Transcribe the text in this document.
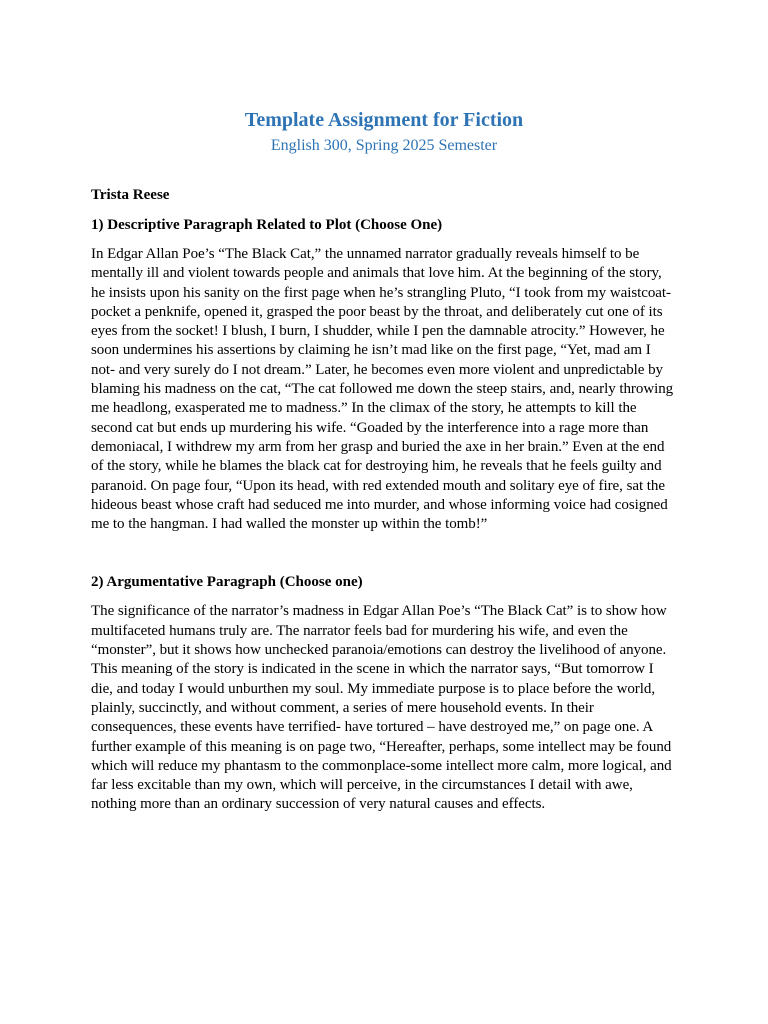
Template Assignment for Fiction

English 300, Spring 2025 Semester

Trista Reese

1) Descriptive Paragraph Related to Plot (Choose One)

In Edgar Allan Poe’s “The Black Cat,” the unnamed narrator gradually reveals himself to be mentally ill and violent towards people and animals that love him. At the beginning of the story, he insists upon his sanity on the first page when he’s strangling Pluto, “I took from my waistcoat-pocket a penknife, opened it, grasped the poor beast by the throat, and deliberately cut one of its eyes from the socket! I blush, I burn, I shudder, while I pen the damnable atrocity.” However, he soon undermines his assertions by claiming he isn’t mad like on the first page, “Yet, mad am I not- and very surely do I not dream.” Later, he becomes even more violent and unpredictable by blaming his madness on the cat, “The cat followed me down the steep stairs, and, nearly throwing me headlong, exasperated me to madness.” In the climax of the story, he attempts to kill the second cat but ends up murdering his wife. “Goaded by the interference into a rage more than demoniacal, I withdrew my arm from her grasp and buried the axe in her brain.” Even at the end of the story, while he blames the black cat for destroying him, he reveals that he feels guilty and paranoid. On page four, “Upon its head, with red extended mouth and solitary eye of fire, sat the hideous beast whose craft had seduced me into murder, and whose informing voice had cosigned me to the hangman. I had walled the monster up within the tomb!”

2) Argumentative Paragraph (Choose one)

The significance of the narrator’s madness in Edgar Allan Poe’s “The Black Cat” is to show how multifaceted humans truly are. The narrator feels bad for murdering his wife, and even the “monster”, but it shows how unchecked paranoia/emotions can destroy the livelihood of anyone. This meaning of the story is indicated in the scene in which the narrator says, “But tomorrow I die, and today I would unburthen my soul. My immediate purpose is to place before the world, plainly, succinctly, and without comment, a series of mere household events. In their consequences, these events have terrified- have tortured – have destroyed me,” on page one. A further example of this meaning is on page two, “Hereafter, perhaps, some intellect may be found which will reduce my phantasm to the commonplace-some intellect more calm, more logical, and far less excitable than my own, which will perceive, in the circumstances I detail with awe, nothing more than an ordinary succession of very natural causes and effects.
